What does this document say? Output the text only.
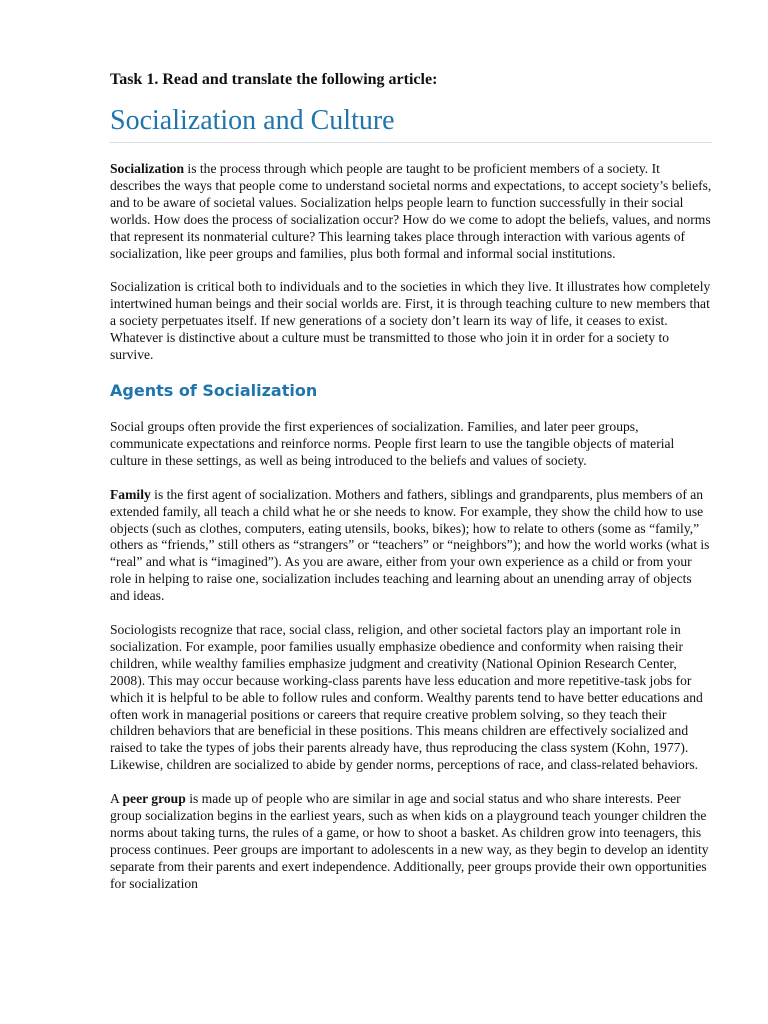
Task 1. Read and translate the following article:
Socialization and Culture

Socialization is the process through which people are taught to be proficient members of a society. It describes the ways that people come to understand societal norms and expectations, to accept society’s beliefs, and to be aware of societal values. Socialization helps people learn to function successfully in their social worlds. How does the process of socialization occur? How do we come to adopt the beliefs, values, and norms that represent its nonmaterial culture? This learning takes place through interaction with various agents of socialization, like peer groups and families, plus both formal and informal social institutions.

Socialization is critical both to individuals and to the societies in which they live. It illustrates how completely intertwined human beings and their social worlds are. First, it is through teaching culture to new members that a society perpetuates itself. If new generations of a society don’t learn its way of life, it ceases to exist. Whatever is distinctive about a culture must be transmitted to those who join it in order for a society to survive.

Agents of Socialization

Social groups often provide the first experiences of socialization. Families, and later peer groups, communicate expectations and reinforce norms. People first learn to use the tangible objects of material culture in these settings, as well as being introduced to the beliefs and values of society.

Family is the first agent of socialization. Mothers and fathers, siblings and grandparents, plus members of an extended family, all teach a child what he or she needs to know. For example, they show the child how to use objects (such as clothes, computers, eating utensils, books, bikes); how to relate to others (some as “family,” others as “friends,” still others as “strangers” or “teachers” or “neighbors”); and how the world works (what is “real” and what is “imagined”). As you are aware, either from your own experience as a child or from your role in helping to raise one, socialization includes teaching and learning about an unending array of objects and ideas.

Sociologists recognize that race, social class, religion, and other societal factors play an important role in socialization. For example, poor families usually emphasize obedience and conformity when raising their children, while wealthy families emphasize judgment and creativity (National Opinion Research Center, 2008). This may occur because working-class parents have less education and more repetitive-task jobs for which it is helpful to be able to follow rules and conform. Wealthy parents tend to have better educations and often work in managerial positions or careers that require creative problem solving, so they teach their children behaviors that are beneficial in these positions. This means children are effectively socialized and raised to take the types of jobs their parents already have, thus reproducing the class system (Kohn, 1977). Likewise, children are socialized to abide by gender norms, perceptions of race, and class-related behaviors.

A peer group is made up of people who are similar in age and social status and who share interests. Peer group socialization begins in the earliest years, such as when kids on a playground teach younger children the norms about taking turns, the rules of a game, or how to shoot a basket. As children grow into teenagers, this process continues. Peer groups are important to adolescents in a new way, as they begin to develop an identity separate from their parents and exert independence. Additionally, peer groups provide their own opportunities for socialization
